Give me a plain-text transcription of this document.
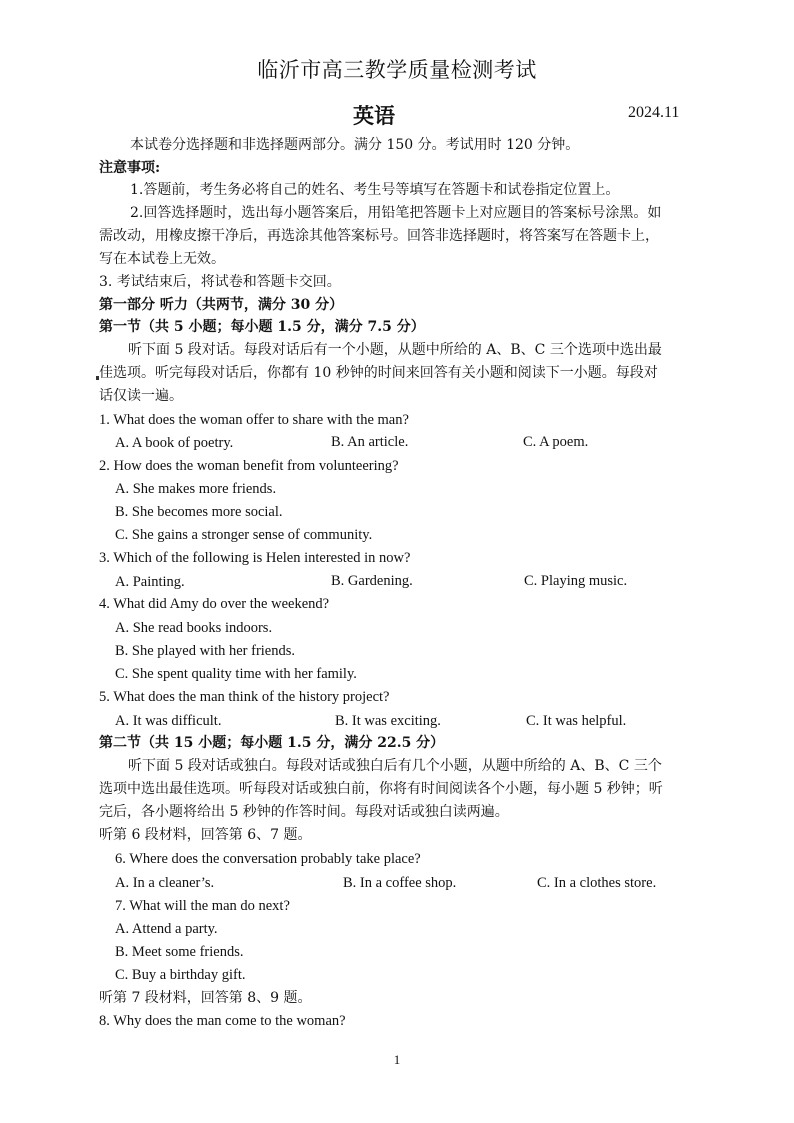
临沂市高三教学质量检测考试
英语	2024.11
本试卷分选择题和非选择题两部分。满分 150 分。考试用时 120 分钟。
注意事项:
1.答题前，考生务必将自己的姓名、考生号等填写在答题卡和试卷指定位置上。
2.回答选择题时，选出每小题答案后，用铅笔把答题卡上对应题目的答案标号涂黑。如
需改动，用橡皮擦干净后，再选涂其他答案标号。回答非选择题时，将答案写在答题卡上，
写在本试卷上无效。
3. 考试结束后，将试卷和答题卡交回。
第一部分 听力（共两节，满分 30 分）
第一节（共 5 小题；每小题 1.5 分，满分 7.5 分）
听下面 5 段对话。每段对话后有一个小题，从题中所给的 A、B、C 三个选项中选出最
佳选项。听完每段对话后，你都有 10 秒钟的时间来回答有关小题和阅读下一小题。每段对
话仅读一遍。
1. What does the woman offer to share with the man?
A. A book of poetry.	B. An article.	C. A poem.
2. How does the woman benefit from volunteering?
A. She makes more friends.
B. She becomes more social.
C. She gains a stronger sense of community.
3. Which of the following is Helen interested in now?
A. Painting.	B. Gardening.	C. Playing music.
4. What did Amy do over the weekend?
A. She read books indoors.
B. She played with her friends.
C. She spent quality time with her family.
5. What does the man think of the history project?
A. It was difficult.	B. It was exciting.	C. It was helpful.
第二节（共 15 小题；每小题 1.5 分，满分 22.5 分）
听下面 5 段对话或独白。每段对话或独白后有几个小题，从题中所给的 A、B、C 三个
选项中选出最佳选项。听每段对话或独白前，你将有时间阅读各个小题，每小题 5 秒钟；听
完后，各小题将给出 5 秒钟的作答时间。每段对话或独白读两遍。
听第 6 段材料，回答第 6、7 题。
6. Where does the conversation probably take place?
A. In a cleaner’s.	B. In a coffee shop.	C. In a clothes store.
7. What will the man do next?
A. Attend a party.
B. Meet some friends.
C. Buy a birthday gift.
听第 7 段材料，回答第 8、9 题。
8. Why does the man come to the woman?
1
